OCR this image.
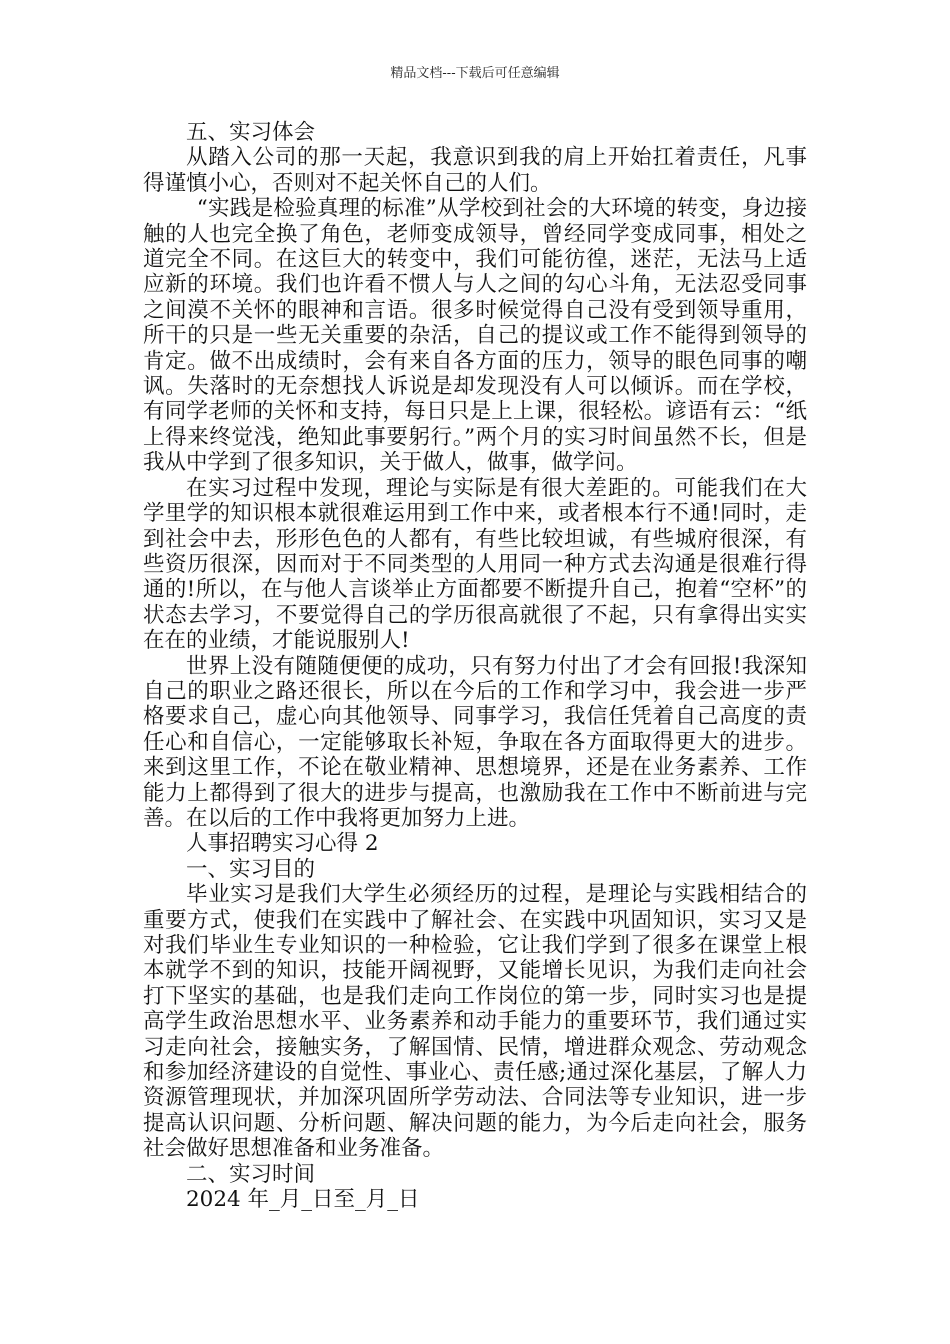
精品文档---下载后可任意编辑

五、实习体会

从踏入公司的那一天起，我意识到我的肩上开始扛着责任，凡事得谨慎小心，否则对不起关怀自己的人们。

“实践是检验真理的标准”从学校到社会的大环境的转变，身边接触的人也完全换了角色，老师变成领导，曾经同学变成同事，相处之道完全不同。在这巨大的转变中，我们可能彷徨，迷茫，无法马上适应新的环境。我们也许看不惯人与人之间的勾心斗角，无法忍受同事之间漠不关怀的眼神和言语。很多时候觉得自己没有受到领导重用，所干的只是一些无关重要的杂活，自己的提议或工作不能得到领导的肯定。做不出成绩时，会有来自各方面的压力，领导的眼色同事的嘲讽。失落时的无奈想找人诉说是却发现没有人可以倾诉。而在学校，有同学老师的关怀和支持，每日只是上上课，很轻松。谚语有云：“纸上得来终觉浅，绝知此事要躬行。”两个月的实习时间虽然不长，但是我从中学到了很多知识，关于做人，做事，做学问。

在实习过程中发现，理论与实际是有很大差距的。可能我们在大学里学的知识根本就很难运用到工作中来，或者根本行不通!同时，走到社会中去，形形色色的人都有，有些比较坦诚，有些城府很深，有些资历很深，因而对于不同类型的人用同一种方式去沟通是很难行得通的!所以，在与他人言谈举止方面都要不断提升自己，抱着“空杯”的状态去学习，不要觉得自己的学历很高就很了不起，只有拿得出实实在在的业绩，才能说服别人!

世界上没有随随便便的成功，只有努力付出了才会有回报!我深知自己的职业之路还很长，所以在今后的工作和学习中，我会进一步严格要求自己，虚心向其他领导、同事学习，我信任凭着自己高度的责任心和自信心，一定能够取长补短，争取在各方面取得更大的进步。来到这里工作，不论在敬业精神、思想境界，还是在业务素养、工作能力上都得到了很大的进步与提高，也激励我在工作中不断前进与完善。在以后的工作中我将更加努力上进。

人事招聘实习心得 2

一、实习目的

毕业实习是我们大学生必须经历的过程，是理论与实践相结合的重要方式，使我们在实践中了解社会、在实践中巩固知识，实习又是对我们毕业生专业知识的一种检验，它让我们学到了很多在课堂上根本就学不到的知识，技能开阔视野，又能增长见识，为我们走向社会打下坚实的基础，也是我们走向工作岗位的第一步，同时实习也是提高学生政治思想水平、业务素养和动手能力的重要环节，我们通过实习走向社会，接触实务，了解国情、民情，增进群众观念、劳动观念和参加经济建设的自觉性、事业心、责任感;通过深化基层，了解人力资源管理现状，并加深巩固所学劳动法、合同法等专业知识，进一步提高认识问题、分析问题、解决问题的能力，为今后走向社会，服务社会做好思想准备和业务准备。

二、实习时间

2024 年_月_日至_月_日
